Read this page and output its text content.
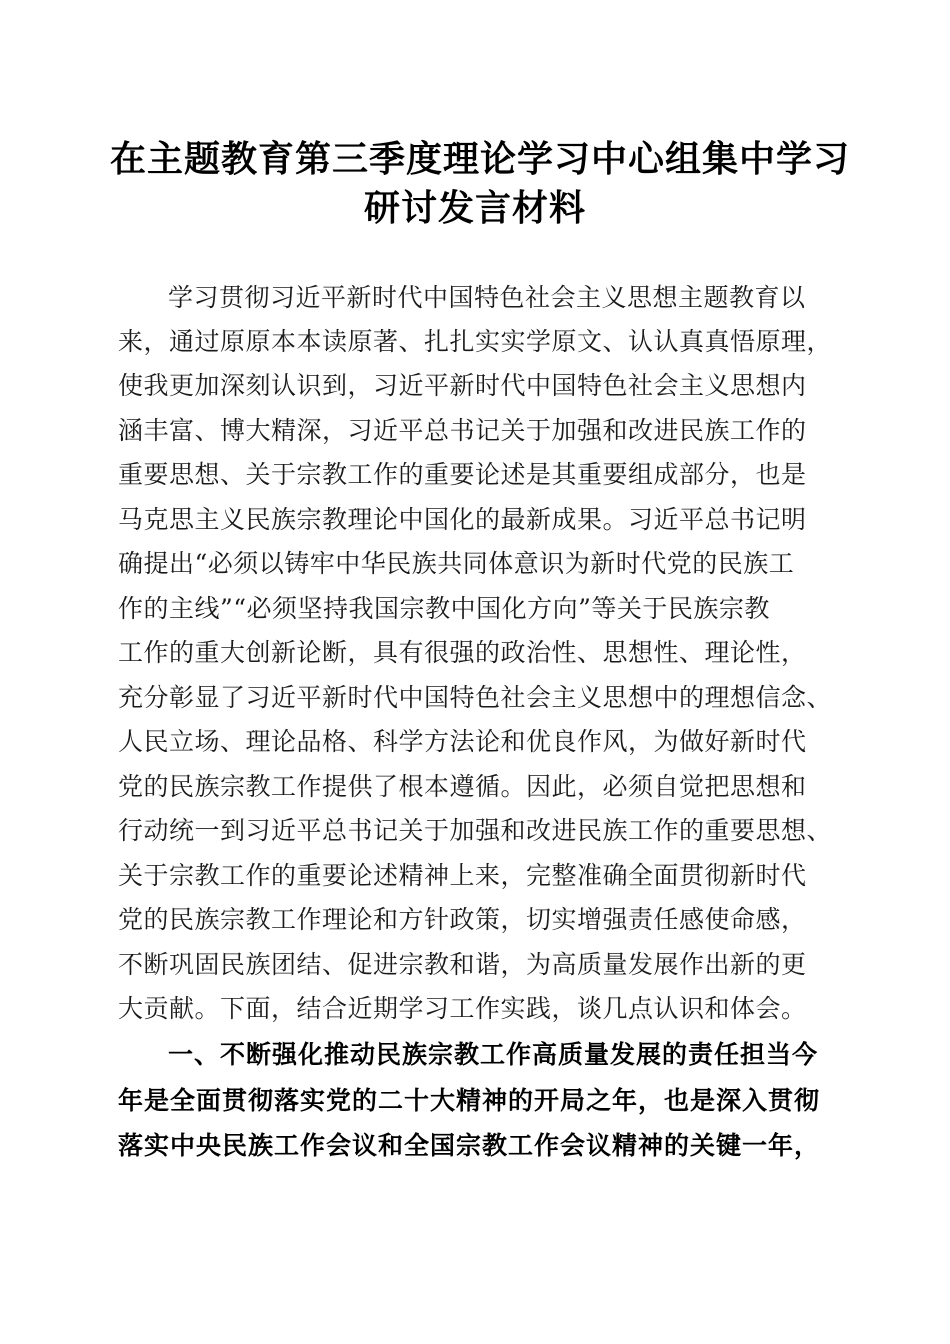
在主题教育第三季度理论学习中心组集中学习
研讨发言材料
学习贯彻习近平新时代中国特色社会主义思想主题教育以
来，通过原原本本读原著、扎扎实实学原文、认认真真悟原理，
使我更加深刻认识到，习近平新时代中国特色社会主义思想内
涵丰富、博大精深，习近平总书记关于加强和改进民族工作的
重要思想、关于宗教工作的重要论述是其重要组成部分，也是
马克思主义民族宗教理论中国化的最新成果。习近平总书记明
确提出“必须以铸牢中华民族共同体意识为新时代党的民族工
作的主线”“必须坚持我国宗教中国化方向”等关于民族宗教
工作的重大创新论断，具有很强的政治性、思想性、理论性，
充分彰显了习近平新时代中国特色社会主义思想中的理想信念、
人民立场、理论品格、科学方法论和优良作风，为做好新时代
党的民族宗教工作提供了根本遵循。因此，必须自觉把思想和
行动统一到习近平总书记关于加强和改进民族工作的重要思想、
关于宗教工作的重要论述精神上来，完整准确全面贯彻新时代
党的民族宗教工作理论和方针政策，切实增强责任感使命感，
不断巩固民族团结、促进宗教和谐，为高质量发展作出新的更
大贡献。下面，结合近期学习工作实践，谈几点认识和体会。
一、不断强化推动民族宗教工作高质量发展的责任担当今
年是全面贯彻落实党的二十大精神的开局之年，也是深入贯彻
落实中央民族工作会议和全国宗教工作会议精神的关键一年，
